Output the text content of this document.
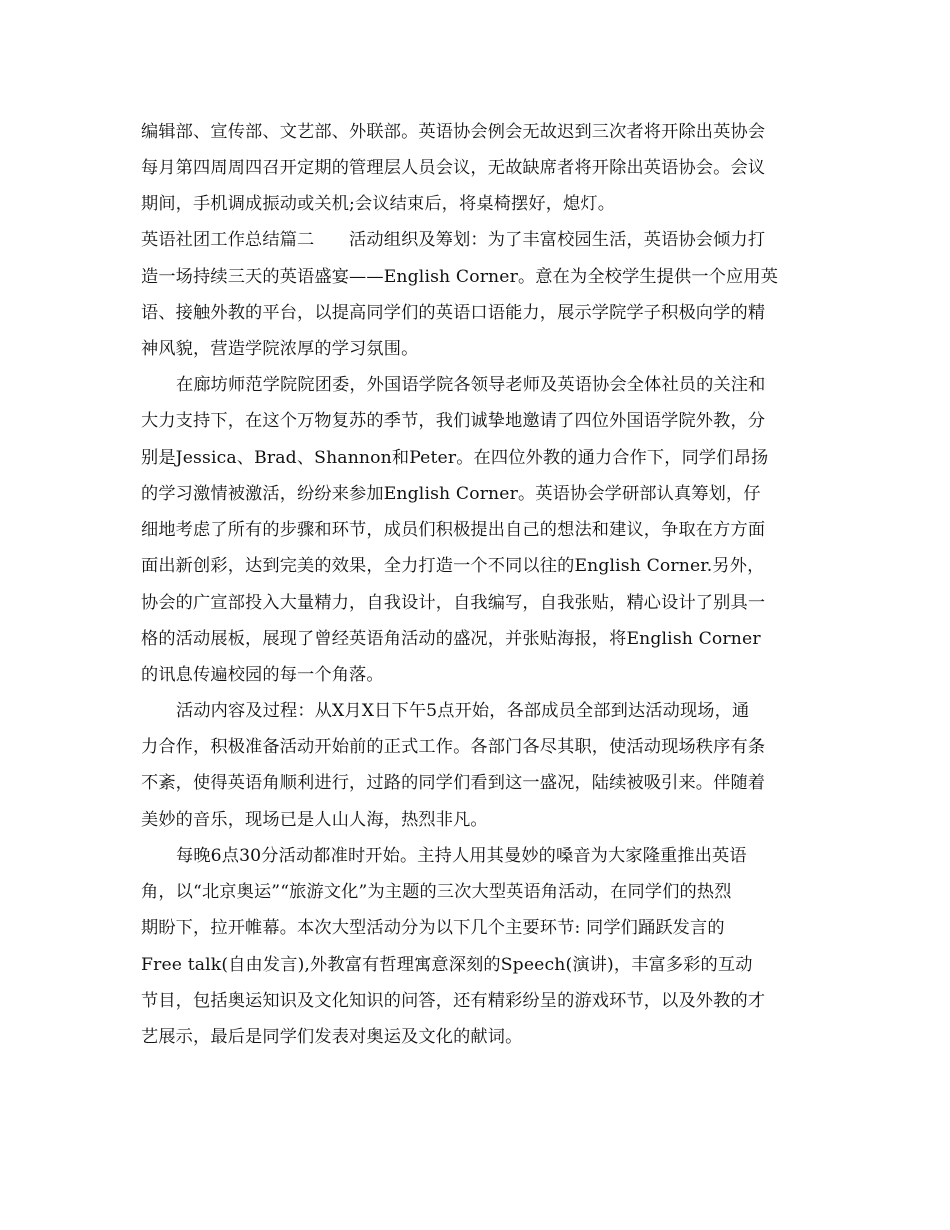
编辑部、宣传部、文艺部、外联部。英语协会例会无故迟到三次者将开除出英协会
每月第四周周四召开定期的管理层人员会议，无故缺席者将开除出英语协会。会议
期间，手机调成振动或关机;会议结束后，将桌椅摆好，熄灯。
英语社团工作总结篇二　　活动组织及筹划：为了丰富校园生活，英语协会倾力打
造一场持续三天的英语盛宴——English Corner。意在为全校学生提供一个应用英
语、接触外教的平台，以提高同学们的英语口语能力，展示学院学子积极向学的精
神风貌，营造学院浓厚的学习氛围。
在廊坊师范学院院团委，外国语学院各领导老师及英语协会全体社员的关注和
大力支持下，在这个万物复苏的季节，我们诚挚地邀请了四位外国语学院外教，分
别是Jessica、Brad、Shannon和Peter。在四位外教的通力合作下，同学们昂扬
的学习激情被激活，纷纷来参加English Corner。英语协会学研部认真筹划，仔
细地考虑了所有的步骤和环节，成员们积极提出自己的想法和建议，争取在方方面
面出新创彩，达到完美的效果，全力打造一个不同以往的English Corner.另外，
协会的广宣部投入大量精力，自我设计，自我编写，自我张贴，精心设计了别具一
格的活动展板，展现了曾经英语角活动的盛况，并张贴海报，将English Corner
的讯息传遍校园的每一个角落。
活动内容及过程：从X月X日下午5点开始，各部成员全部到达活动现场，通
力合作，积极准备活动开始前的正式工作。各部门各尽其职，使活动现场秩序有条
不紊，使得英语角顺利进行，过路的同学们看到这一盛况，陆续被吸引来。伴随着
美妙的音乐，现场已是人山人海，热烈非凡。
每晚6点30分活动都准时开始。主持人用其曼妙的嗓音为大家隆重推出英语
角，以“北京奥运”“旅游文化”为主题的三次大型英语角活动，在同学们的热烈
期盼下，拉开帷幕。本次大型活动分为以下几个主要环节: 同学们踊跃发言的
Free talk(自由发言),外教富有哲理寓意深刻的Speech(演讲)，丰富多彩的互动
节目，包括奥运知识及文化知识的问答，还有精彩纷呈的游戏环节，以及外教的才
艺展示，最后是同学们发表对奥运及文化的献词。
